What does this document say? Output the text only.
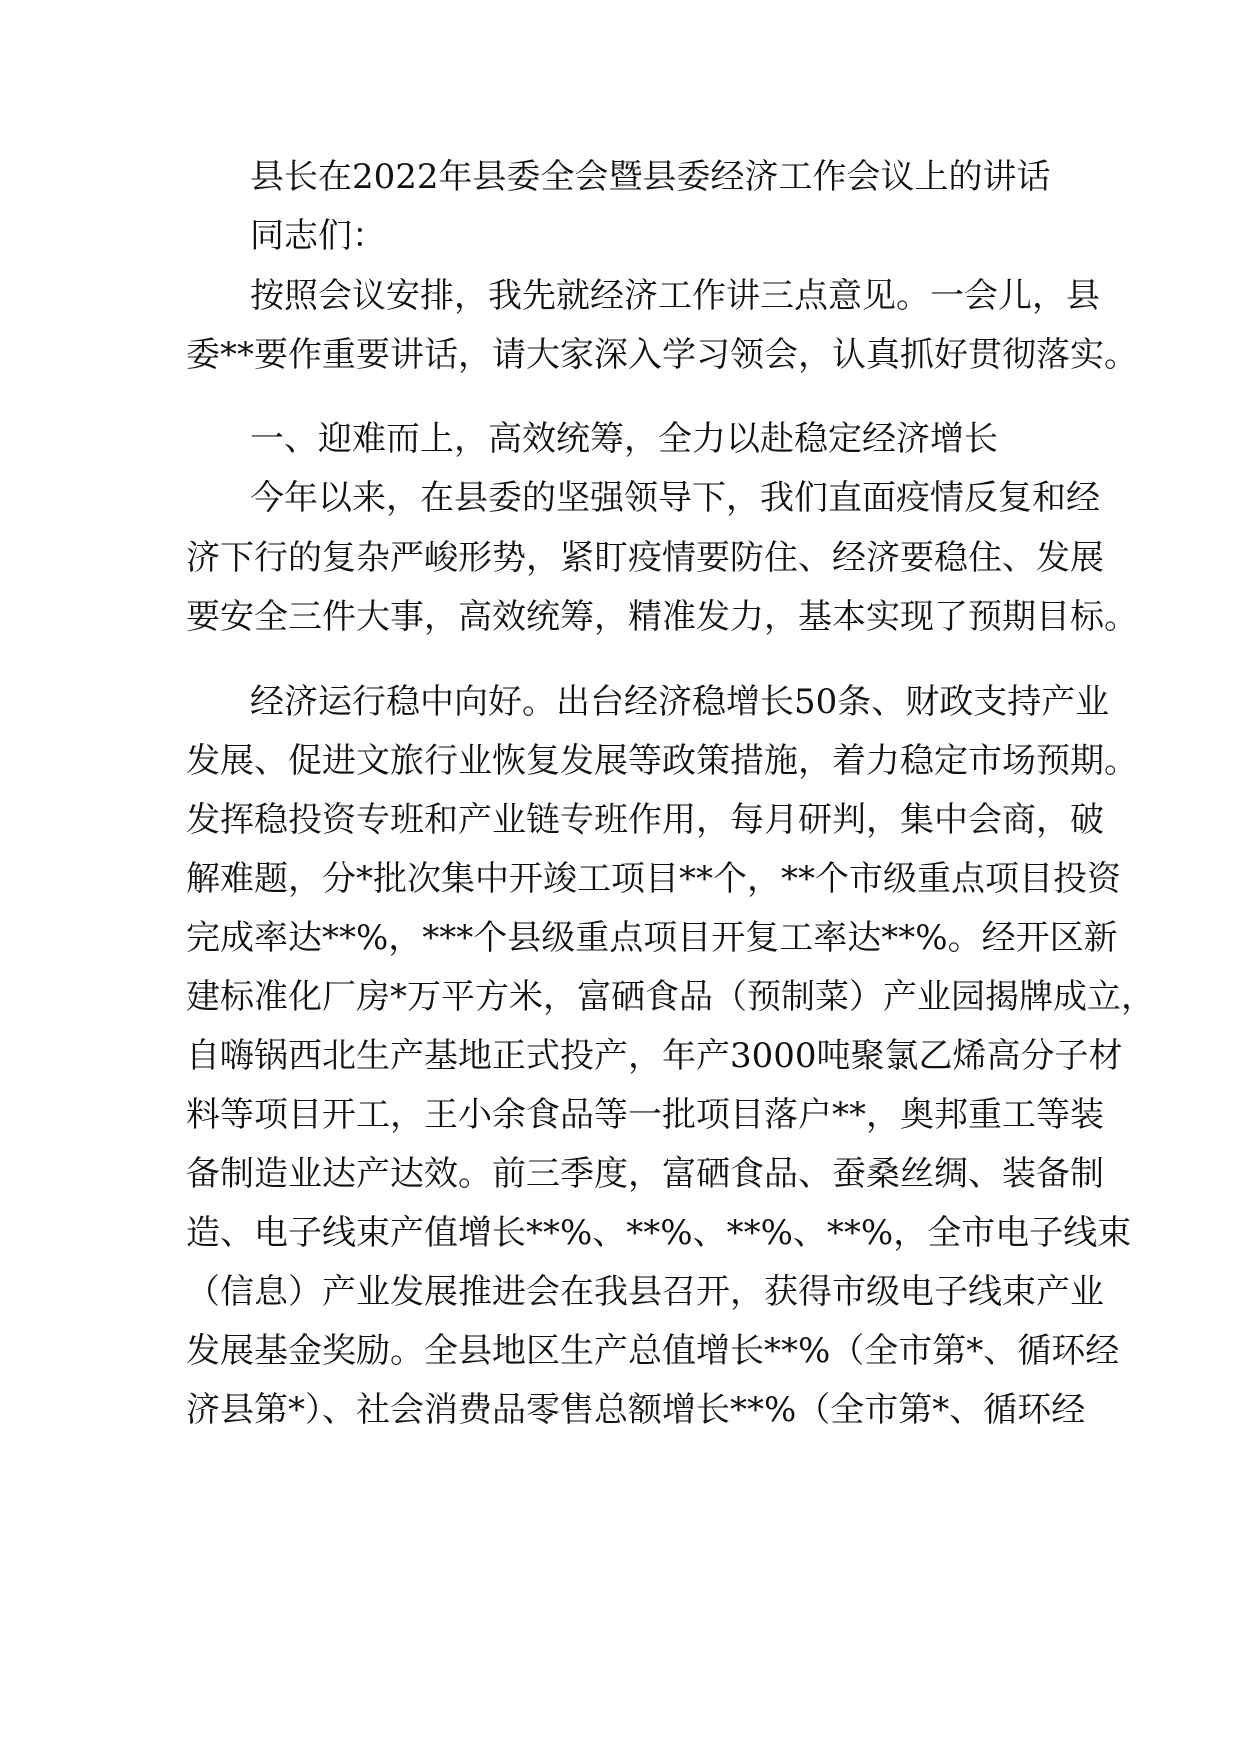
县长在2022年县委全会暨县委经济工作会议上的讲话
同志们：
按照会议安排，我先就经济工作讲三点意见。一会儿，县
委**要作重要讲话，请大家深入学习领会，认真抓好贯彻落实。
一、迎难而上，高效统筹，全力以赴稳定经济增长
今年以来，在县委的坚强领导下，我们直面疫情反复和经
济下行的复杂严峻形势，紧盯疫情要防住、经济要稳住、发展
要安全三件大事，高效统筹，精准发力，基本实现了预期目标。
经济运行稳中向好。出台经济稳增长50条、财政支持产业
发展、促进文旅行业恢复发展等政策措施，着力稳定市场预期。
发挥稳投资专班和产业链专班作用，每月研判，集中会商，破
解难题，分*批次集中开竣工项目**个，**个市级重点项目投资
完成率达**%，***个县级重点项目开复工率达**%。经开区新
建标准化厂房*万平方米，富硒食品（预制菜）产业园揭牌成立，
自嗨锅西北生产基地正式投产，年产3000吨聚氯乙烯高分子材
料等项目开工，王小余食品等一批项目落户**，奥邦重工等装
备制造业达产达效。前三季度，富硒食品、蚕桑丝绸、装备制
造、电子线束产值增长**%、**%、**%、**%，全市电子线束
（信息）产业发展推进会在我县召开，获得市级电子线束产业
发展基金奖励。全县地区生产总值增长**%（全市第*、循环经
济县第*）、社会消费品零售总额增长**%（全市第*、循环经
